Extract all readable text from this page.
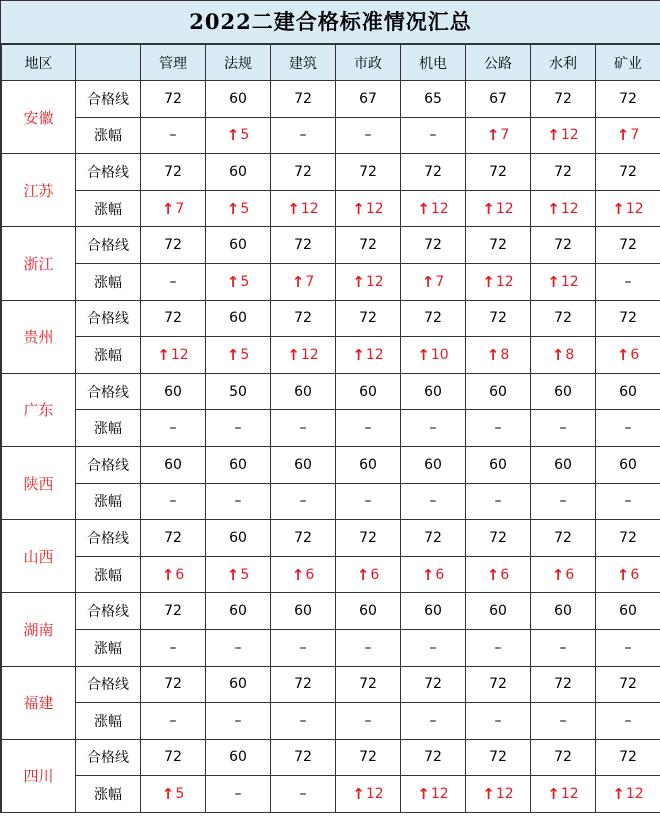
2022二建合格标准情况汇总
地区		管理	法规	建筑	市政	机电	公路	水利	矿业
安徽	合格线	72	60	72	67	65	67	72	72
	涨幅	–	↑5	–	–	–	↑7	↑12	↑7
江苏	合格线	72	60	72	72	72	72	72	72
	涨幅	↑7	↑5	↑12	↑12	↑12	↑12	↑12	↑12
浙江	合格线	72	60	72	72	72	72	72	72
	涨幅	–	↑5	↑7	↑12	↑7	↑12	↑12	–
贵州	合格线	72	60	72	72	72	72	72	72
	涨幅	↑12	↑5	↑12	↑12	↑10	↑8	↑8	↑6
广东	合格线	60	50	60	60	60	60	60	60
	涨幅	–	–	–	–	–	–	–	–
陕西	合格线	60	60	60	60	60	60	60	60
	涨幅	–	–	–	–	–	–	–	–
山西	合格线	72	60	72	72	72	72	72	72
	涨幅	↑6	↑5	↑6	↑6	↑6	↑6	↑6	↑6
湖南	合格线	72	60	60	60	60	60	60	60
	涨幅	–	–	–	–	–	–	–	–
福建	合格线	72	60	72	72	72	72	72	72
	涨幅	–	–	–	–	–	–	–	–
四川	合格线	72	60	72	72	72	72	72	72
	涨幅	↑5	–	–	↑12	↑12	↑12	↑12	↑12
